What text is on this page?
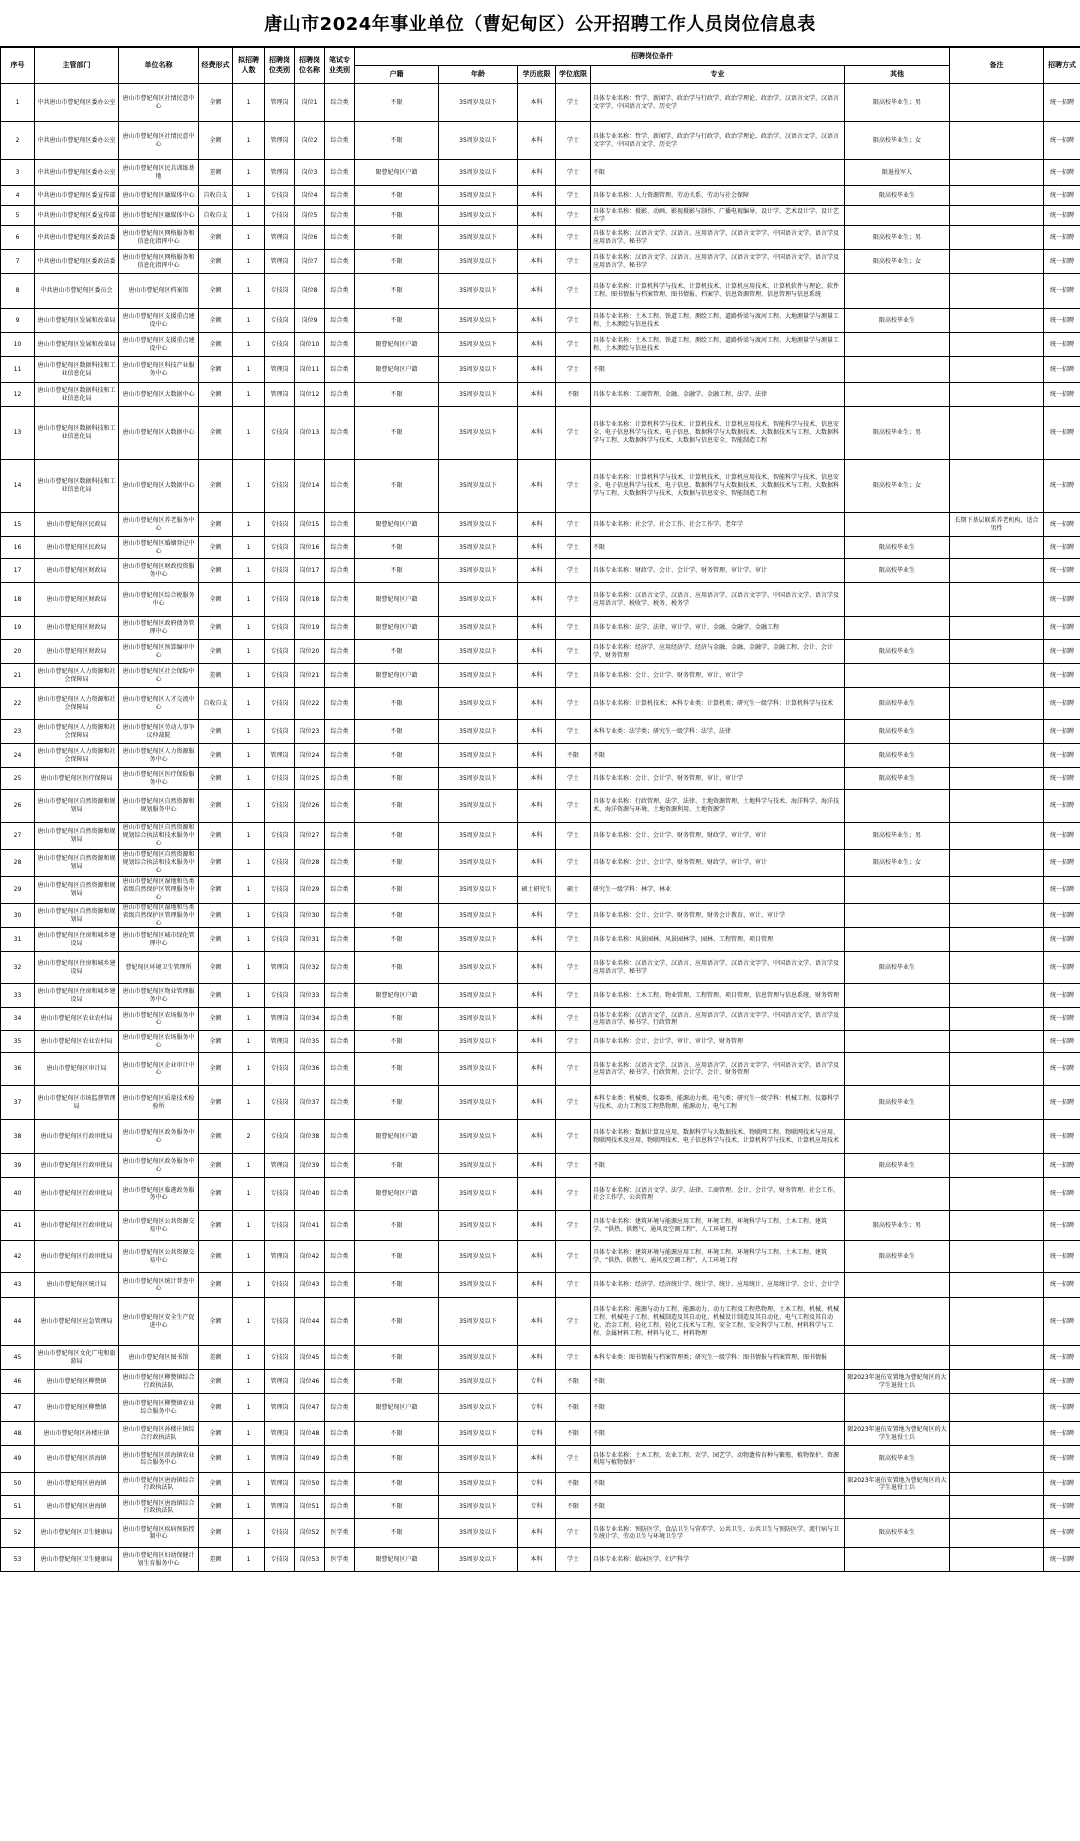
唐山市2024年事业单位（曹妃甸区）公开招聘工作人员岗位信息表
序号	主管部门	单位名称	经费形式	拟招聘人数	招聘岗位类别	招聘岗位名称	笔试专业类别	招聘岗位条件						备注	招聘方式
								户籍	年龄	学历底限	学位底限	专业	其他		
1	中共唐山市曹妃甸区委办公室	唐山市曹妃甸区社情民意中心	全额	1	管理岗	岗位1	综合类	不限	35周岁及以下	本科	学士	具体专业名称：哲学、新闻学、政治学与行政学、政治学理论、政治学、汉语言文学、汉语言文字学、中国语言文学、历史学	限高校毕业生；男		统一招聘
2	中共唐山市曹妃甸区委办公室	唐山市曹妃甸区社情民意中心	全额	1	管理岗	岗位2	综合类	不限	35周岁及以下	本科	学士	具体专业名称：哲学、新闻学、政治学与行政学、政治学理论、政治学、汉语言文学、汉语言文字学、中国语言文学、历史学	限高校毕业生；女		统一招聘
3	中共唐山市曹妃甸区委办公室	唐山市曹妃甸区民兵训练基地	差额	1	管理岗	岗位3	综合类	限曹妃甸区户籍	35周岁及以下	本科	学士	不限	限退役军人		统一招聘
4	中共唐山市曹妃甸区委宣传部	唐山市曹妃甸区融媒体中心	自收自支	1	专技岗	岗位4	综合类	不限	35周岁及以下	本科	学士	具体专业名称：人力资源管理、劳动关系、劳动与社会保障	限高校毕业生		统一招聘
5	中共唐山市曹妃甸区委宣传部	唐山市曹妃甸区融媒体中心	自收自支	1	专技岗	岗位5	综合类	不限	35周岁及以下	本科	学士	具体专业名称：摄影、动画、影视摄影与制作、广播电视编导、设计学、艺术设计学、设计艺术学			统一招聘
6	中共唐山市曹妃甸区委政法委	唐山市曹妃甸区网格服务和信息化指挥中心	全额	1	管理岗	岗位6	综合类	不限	35周岁及以下	本科	学士	具体专业名称：汉语言文学、汉语言、应用语言学、汉语言文字学、中国语言文学、语言学及应用语言学、秘书学	限高校毕业生；男		统一招聘
7	中共唐山市曹妃甸区委政法委	唐山市曹妃甸区网格服务和信息化指挥中心	全额	1	管理岗	岗位7	综合类	不限	35周岁及以下	本科	学士	具体专业名称：汉语言文学、汉语言、应用语言学、汉语言文字学、中国语言文学、语言学及应用语言学、秘书学	限高校毕业生；女		统一招聘
8	中共唐山市曹妃甸区委员会	唐山市曹妃甸区档案馆	全额	1	专技岗	岗位8	综合类	不限	35周岁及以下	本科	学士	具体专业名称：计算机科学与技术、计算机技术、计算机应用技术、计算机软件与理论、软件工程、图书情报与档案管理、图书情报、档案学、信息资源管理、信息管理与信息系统			统一招聘
9	唐山市曹妃甸区发展和改革局	唐山市曹妃甸区支援重点建设中心	全额	1	专技岗	岗位9	综合类	不限	35周岁及以下	本科	学士	具体专业名称：土木工程、铁道工程、测绘工程、道路桥梁与渡河工程、大地测量学与测量工程、土木测绘与信息技术	限高校毕业生		统一招聘
10	唐山市曹妃甸区发展和改革局	唐山市曹妃甸区支援重点建设中心	全额	1	专技岗	岗位10	综合类	限曹妃甸区户籍	35周岁及以下	本科	学士	具体专业名称：土木工程、铁道工程、测绘工程、道路桥梁与渡河工程、大地测量学与测量工程、土木测绘与信息技术			统一招聘
11	唐山市曹妃甸区数据科技和工业信息化局	唐山市曹妃甸区科技产业服务中心	全额	1	管理岗	岗位11	综合类	限曹妃甸区户籍	35周岁及以下	本科	学士	不限			统一招聘
12	唐山市曹妃甸区数据科技和工业信息化局	唐山市曹妃甸区大数据中心	全额	1	管理岗	岗位12	综合类	不限	35周岁及以下	本科	不限	具体专业名称：工商管理、金融、金融学、金融工程、法学、法律			统一招聘
13	唐山市曹妃甸区数据科技和工业信息化局	唐山市曹妃甸区大数据中心	全额	1	专技岗	岗位13	综合类	不限	35周岁及以下	本科	学士	具体专业名称：计算机科学与技术、计算机技术、计算机应用技术、智能科学与技术、信息安全、电子信息科学与技术、电子信息、数据科学与大数据技术、大数据技术与工程、大数据科学与工程、大数据科学与技术、大数据与信息安全、智能制造工程	限高校毕业生；男		统一招聘
14	唐山市曹妃甸区数据科技和工业信息化局	唐山市曹妃甸区大数据中心	全额	1	专技岗	岗位14	综合类	不限	35周岁及以下	本科	学士	具体专业名称：计算机科学与技术、计算机技术、计算机应用技术、智能科学与技术、信息安全、电子信息科学与技术、电子信息、数据科学与大数据技术、大数据技术与工程、大数据科学与工程、大数据科学与技术、大数据与信息安全、智能制造工程	限高校毕业生；女		统一招聘
15	唐山市曹妃甸区民政局	唐山市曹妃甸区养老服务中心	全额	1	专技岗	岗位15	综合类	限曹妃甸区户籍	35周岁及以下	本科	学士	具体专业名称：社会学、社会工作、社会工作学、老年学		长期下基层联系养老机构，适合男性	统一招聘
16	唐山市曹妃甸区民政局	唐山市曹妃甸区婚姻登记中心	全额	1	专技岗	岗位16	综合类	不限	35周岁及以下	本科	学士	不限	限高校毕业生		统一招聘
17	唐山市曹妃甸区财政局	唐山市曹妃甸区财政投资服务中心	全额	1	专技岗	岗位17	综合类	不限	35周岁及以下	本科	学士	具体专业名称：财政学、会计、会计学、财务管理、审计学、审计	限高校毕业生		统一招聘
18	唐山市曹妃甸区财政局	唐山市曹妃甸区综合税服务中心	全额	1	专技岗	岗位18	综合类	限曹妃甸区户籍	35周岁及以下	本科	学士	具体专业名称：汉语言文学、汉语言、应用语言学、汉语言文字学、中国语言文学、语言学及应用语言学、税收学、税务、税务学			统一招聘
19	唐山市曹妃甸区财政局	唐山市曹妃甸区政府债务管理中心	全额	1	专技岗	岗位19	综合类	限曹妃甸区户籍	35周岁及以下	本科	学士	具体专业名称：法学、法律、审计学、审计、金融、金融学、金融工程			统一招聘
20	唐山市曹妃甸区财政局	唐山市曹妃甸区预算编审中心	全额	1	专技岗	岗位20	综合类	不限	35周岁及以下	本科	学士	具体专业名称：经济学、应用经济学、经济与金融、金融、金融学、金融工程、会计、会计学、财务管理	限高校毕业生		统一招聘
21	唐山市曹妃甸区人力资源和社会保障局	唐山市曹妃甸区社会保险中心	差额	1	专技岗	岗位21	综合类	限曹妃甸区户籍	35周岁及以下	本科	学士	具体专业名称：会计、会计学、财务管理、审计、审计学			统一招聘
22	唐山市曹妃甸区人力资源和社会保障局	唐山市曹妃甸区人才交流中心	自收自支	1	专技岗	岗位22	综合类	不限	35周岁及以下	本科	学士	具体专业名称：计算机技术；本科专业类：计算机类；研究生一级学科：计算机科学与技术	限高校毕业生		统一招聘
23	唐山市曹妃甸区人力资源和社会保障局	唐山市曹妃甸区劳动人事争议仲裁院	全额	1	专技岗	岗位23	综合类	不限	35周岁及以下	本科	学士	本科专业类：法学类；研究生一级学科：法学、法律	限高校毕业生		统一招聘
24	唐山市曹妃甸区人力资源和社会保障局	唐山市曹妃甸区人力资源服务中心	全额	1	管理岗	岗位24	综合类	不限	35周岁及以下	本科	不限	不限	限高校毕业生		统一招聘
25	唐山市曹妃甸区医疗保障局	唐山市曹妃甸区医疗保险服务中心	全额	1	专技岗	岗位25	综合类	不限	35周岁及以下	本科	学士	具体专业名称：会计、会计学、财务管理、审计、审计学	限高校毕业生		统一招聘
26	唐山市曹妃甸区自然资源和规划局	唐山市曹妃甸区自然资源和规划服务中心	全额	1	专技岗	岗位26	综合类	不限	35周岁及以下	本科	学士	具体专业名称：行政管理、法学、法律、土地资源管理、土地科学与技术、海洋科学、海洋技术、海洋资源与环境、土地资源利用、土地资源学			统一招聘
27	唐山市曹妃甸区自然资源和规划局	唐山市曹妃甸区自然资源和规划综合执法和技术服务中心	全额	1	专技岗	岗位27	综合类	不限	35周岁及以下	本科	学士	具体专业名称：会计、会计学、财务管理、财政学、审计学、审计	限高校毕业生；男		统一招聘
28	唐山市曹妃甸区自然资源和规划局	唐山市曹妃甸区自然资源和规划综合执法和技术服务中心	全额	1	专技岗	岗位28	综合类	不限	35周岁及以下	本科	学士	具体专业名称：会计、会计学、财务管理、财政学、审计学、审计	限高校毕业生；女		统一招聘
29	唐山市曹妃甸区自然资源和规划局	唐山市曹妃甸区湿地和鸟类省级自然保护区管理服务中心	全额	1	专技岗	岗位29	综合类	不限	35周岁及以下	硕士研究生	硕士	研究生一级学科：林学、林业			统一招聘
30	唐山市曹妃甸区自然资源和规划局	唐山市曹妃甸区湿地和鸟类省级自然保护区管理服务中心	全额	1	专技岗	岗位30	综合类	不限	35周岁及以下	本科	学士	具体专业名称：会计、会计学、财务管理、财务会计教育、审计、审计学			统一招聘
31	唐山市曹妃甸区住房和城乡建设局	唐山市曹妃甸区城市绿化管理中心	全额	1	专技岗	岗位31	综合类	不限	35周岁及以下	本科	学士	具体专业名称：风景园林、风景园林学、园林、工程管理、项目管理			统一招聘
32	唐山市曹妃甸区住房和城乡建设局	曹妃甸区环境卫生管理所	全额	1	管理岗	岗位32	综合类	不限	35周岁及以下	本科	学士	具体专业名称：汉语言文学、汉语言、应用语言学、汉语言文字学、中国语言文学、语言学及应用语言学、秘书学	限高校毕业生		统一招聘
33	唐山市曹妃甸区住房和城乡建设局	唐山市曹妃甸区物业管理服务中心	全额	1	专技岗	岗位33	综合类	限曹妃甸区户籍	35周岁及以下	本科	学士	具体专业名称：土木工程、物业管理、工程管理、项目管理、信息管理与信息系统、财务管理			统一招聘
34	唐山市曹妃甸区农业农村局	唐山市曹妃甸区农场服务中心	全额	1	管理岗	岗位34	综合类	不限	35周岁及以下	本科	学士	具体专业名称：汉语言文学、汉语言、应用语言学、汉语言文字学、中国语言文学、语言学及应用语言学、秘书学、行政管理			统一招聘
35	唐山市曹妃甸区农业农村局	唐山市曹妃甸区农场服务中心	全额	1	管理岗	岗位35	综合类	不限	35周岁及以下	本科	学士	具体专业名称：会计、会计学、审计、审计学、财务管理			统一招聘
36	唐山市曹妃甸区审计局	唐山市曹妃甸区企业审计中心	全额	1	专技岗	岗位36	综合类	不限	35周岁及以下	本科	学士	具体专业名称：汉语言文学、汉语言、应用语言学、汉语言文字学、中国语言文学、语言学及应用语言学、秘书学、行政管理、会计学、会计、财务管理			统一招聘
37	唐山市曹妃甸区市场监督管理局	唐山市曹妃甸区质量技术检验所	全额	1	专技岗	岗位37	综合类	不限	35周岁及以下	本科	学士	本科专业类：机械类、仪器类、能源动力类、电气类；研究生一级学科：机械工程、仪器科学与技术、动力工程及工程热物理、能源动力、电气工程	限高校毕业生		统一招聘
38	唐山市曹妃甸区行政审批局	唐山市曹妃甸区政务服务中心	全额	2	专技岗	岗位38	综合类	限曹妃甸区户籍	35周岁及以下	本科	学士	具体专业名称：数据计算及应用、数据科学与大数据技术、物联网工程、物联网技术与应用、物联网技术及应用、物联网技术、电子信息科学与技术、计算机科学与技术、计算机应用技术			统一招聘
39	唐山市曹妃甸区行政审批局	唐山市曹妃甸区政务服务中心	全额	1	管理岗	岗位39	综合类	不限	35周岁及以下	本科	学士	不限	限高校毕业生		统一招聘
40	唐山市曹妃甸区行政审批局	唐山市曹妃甸区临港政务服务中心	全额	1	专技岗	岗位40	综合类	限曹妃甸区户籍	35周岁及以下	本科	学士	具体专业名称：汉语言文学、法学、法律、工商管理、会计、会计学、财务管理、社会工作、社会工作学、公共管理			统一招聘
41	唐山市曹妃甸区行政审批局	唐山市曹妃甸区公共资源交易中心	全额	1	专技岗	岗位41	综合类	不限	35周岁及以下	本科	学士	具体专业名称：建筑环境与能源应用工程、环境工程、环境科学与工程、土木工程、建筑学、“供热、供燃气、通风及空调工程”、人工环境工程	限高校毕业生；男		统一招聘
42	唐山市曹妃甸区行政审批局	唐山市曹妃甸区公共资源交易中心	全额	1	管理岗	岗位42	综合类	不限	35周岁及以下	本科	学士	具体专业名称：建筑环境与能源应用工程、环境工程、环境科学与工程、土木工程、建筑学、“供热、供燃气、通风及空调工程”、人工环境工程	限高校毕业生		统一招聘
43	唐山市曹妃甸区统计局	唐山市曹妃甸区统计普查中心	全额	1	专技岗	岗位43	综合类	不限	35周岁及以下	本科	学士	具体专业名称：经济学、经济统计学、统计学、统计、应用统计、应用统计学、会计、会计学			统一招聘
44	唐山市曹妃甸区应急管理局	唐山市曹妃甸区安全生产促进中心	全额	1	专技岗	岗位44	综合类	不限	35周岁及以下	本科	学士	具体专业名称：能源与动力工程、能源动力、动力工程及工程热物理、土木工程、机械、机械工程、机械电子工程、机械制造及其自动化、机械设计制造及其自动化、电气工程及其自动化、冶金工程、轻化工程、轻化工技术与工程、安全工程、安全科学与工程、材料科学与工程、金属材料工程、材料与化工、材料物理			统一招聘
45	唐山市曹妃甸区文化广电和旅游局	唐山市曹妃甸区图书馆	差额	1	专技岗	岗位45	综合类	不限	35周岁及以下	本科	学士	本科专业类：图书情报与档案管理类；研究生一级学科：图书情报与档案管理、图书情报			统一招聘
46	唐山市曹妃甸区柳赞镇	唐山市曹妃甸区柳赞镇综合行政执法队	全额	1	管理岗	岗位46	综合类	不限	35周岁及以下	专科	不限	不限	限2023年退伍安置地为曹妃甸区的大学生退役士兵		统一招聘
47	唐山市曹妃甸区柳赞镇	唐山市曹妃甸区柳赞镇农业综合服务中心	全额	1	管理岗	岗位47	综合类	限曹妃甸区户籍	35周岁及以下	专科	不限	不限			统一招聘
48	唐山市曹妃甸区孙楼庄镇	唐山市曹妃甸区孙楼庄镇综合行政执法队	全额	1	管理岗	岗位48	综合类	不限	35周岁及以下	专科	不限	不限	限2023年退伍安置地为曹妃甸区的大学生退役士兵		统一招聘
49	唐山市曹妃甸区滨海镇	唐山市曹妃甸区滨海镇农业综合服务中心	全额	1	管理岗	岗位49	综合类	不限	35周岁及以下	本科	学士	具体专业名称：土木工程、农业工程、农学、园艺学、动物遗传育种与繁殖、植物保护、资源利用与植物保护	限高校毕业生		统一招聘
50	唐山市曹妃甸区唐海镇	唐山市曹妃甸区唐海镇综合行政执法队	全额	1	管理岗	岗位50	综合类	不限	35周岁及以下	专科	不限	不限	限2023年退伍安置地为曹妃甸区的大学生退役士兵		统一招聘
51	唐山市曹妃甸区唐海镇	唐山市曹妃甸区唐海镇综合行政执法队	全额	1	管理岗	岗位51	综合类	不限	35周岁及以下	专科	不限	不限			统一招聘
52	唐山市曹妃甸区卫生健康局	唐山市曹妃甸区疾病预防控制中心	全额	1	专技岗	岗位52	医学类	不限	35周岁及以下	本科	学士	具体专业名称：预防医学、食品卫生与营养学、公共卫生、公共卫生与预防医学、流行病与卫生统计学、劳动卫生与环境卫生学	限高校毕业生		统一招聘
53	唐山市曹妃甸区卫生健康局	唐山市曹妃甸区妇幼保健计划生育服务中心	差额	1	专技岗	岗位53	医学类	限曹妃甸区户籍	35周岁及以下	本科	学士	具体专业名称：临床医学、妇产科学			统一招聘
